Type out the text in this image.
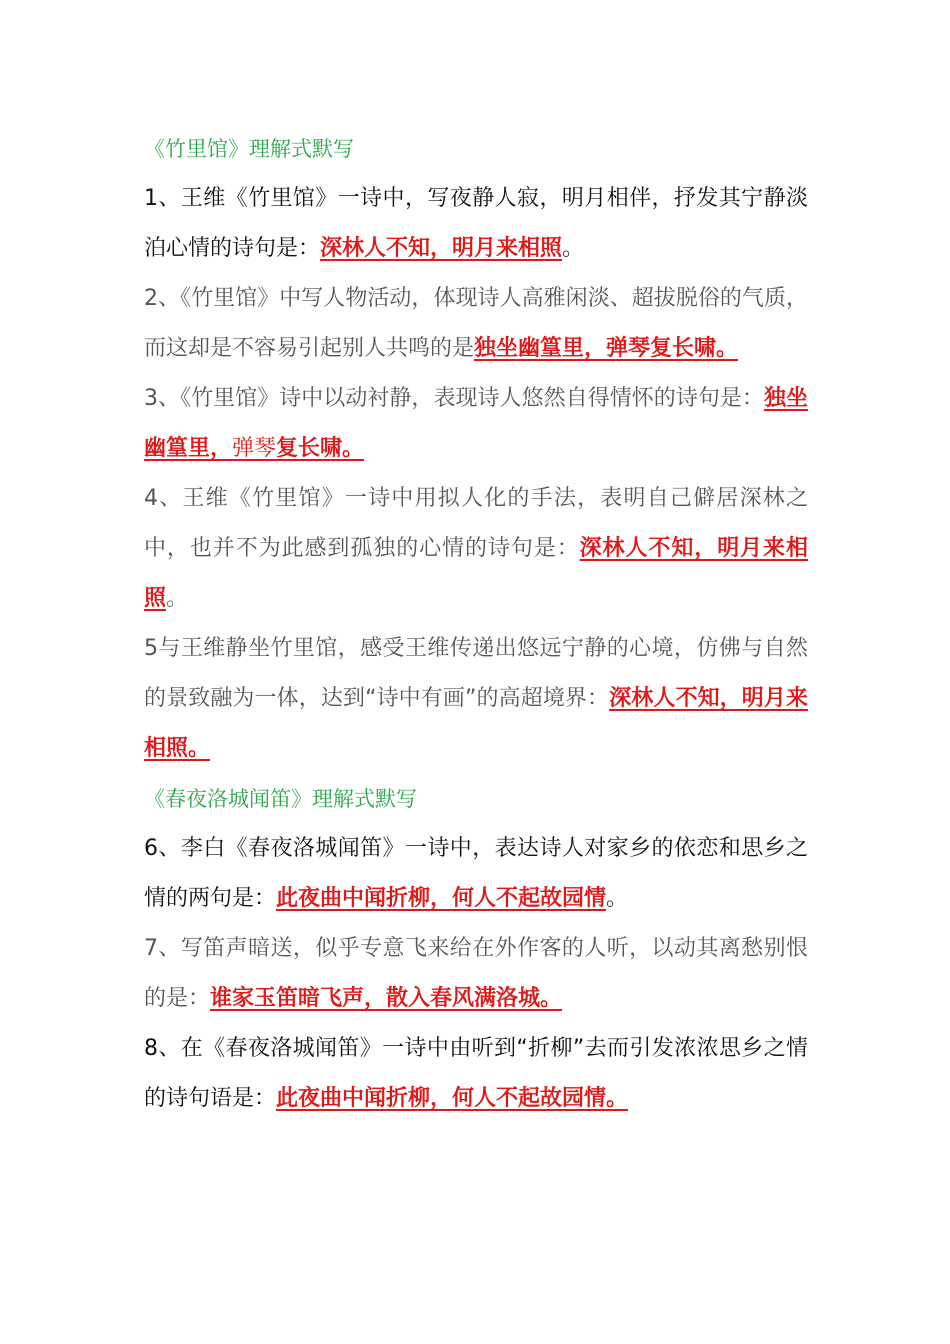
《竹里馆》理解式默写
1、王维《竹里馆》一诗中，写夜静人寂，明月相伴，抒发其宁静淡泊心情的诗句是：深林人不知，明月来相照。
2、《竹里馆》中写人物活动，体现诗人高雅闲淡、超拔脱俗的气质，而这却是不容易引起别人共鸣的是独坐幽篁里，弹琴复长啸。
3、《竹里馆》诗中以动衬静，表现诗人悠然自得情怀的诗句是：独坐幽篁里，弹琴复长啸。
4、王维《竹里馆》一诗中用拟人化的手法，表明自己僻居深林之中，也并不为此感到孤独的心情的诗句是：深林人不知，明月来相照。
5与王维静坐竹里馆，感受王维传递出悠远宁静的心境，仿佛与自然的景致融为一体，达到“诗中有画”的高超境界：深林人不知，明月来相照。
《春夜洛城闻笛》理解式默写
6、李白《春夜洛城闻笛》一诗中，表达诗人对家乡的依恋和思乡之情的两句是：此夜曲中闻折柳，何人不起故园情。
7、写笛声暗送，似乎专意飞来给在外作客的人听，以动其离愁别恨的是：谁家玉笛暗飞声，散入春风满洛城。
8、在《春夜洛城闻笛》一诗中由听到“折柳”去而引发浓浓思乡之情的诗句语是：此夜曲中闻折柳，何人不起故园情。
